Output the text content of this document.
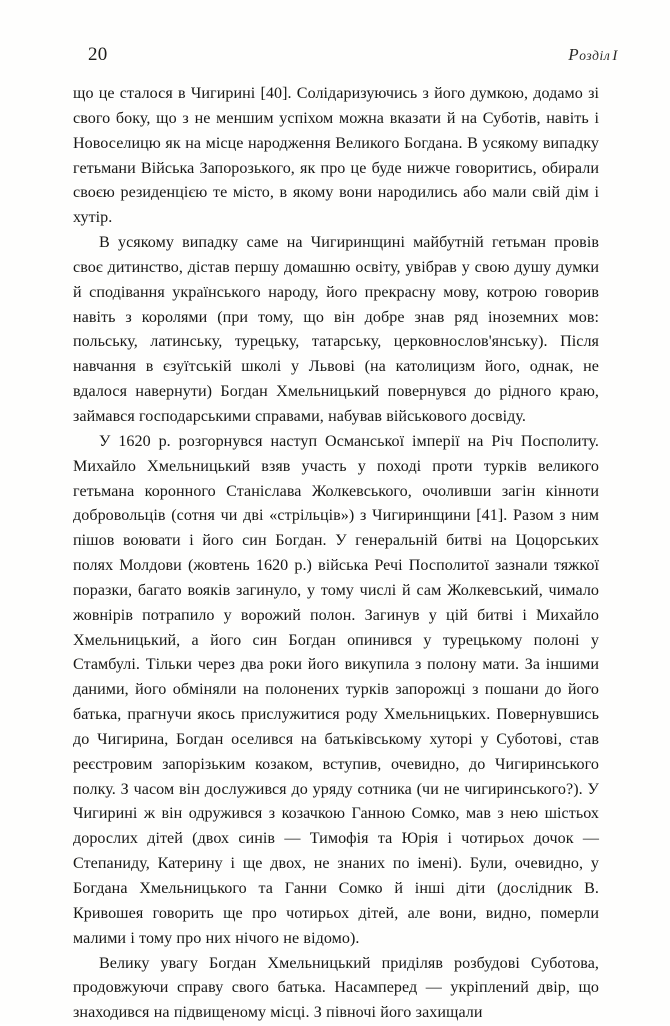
20	Розділ I

що це сталося в Чигирині [40]. Солідаризуючись з його думкою, додамо зі свого боку, що з не меншим успіхом можна вказати й на Суботів, навіть і Новоселицю як на місце народження Великого Богдана. В усякому випадку гетьмани Війська Запорозького, як про це буде нижче говоритись, обирали своєю резиденцією те місто, в якому вони народились або мали свій дім і хутір.

В усякому випадку саме на Чигиринщині майбутній гетьман провів своє дитинство, дістав першу домашню освіту, увібрав у свою душу думки й сподівання українського народу, його прекрасну мову, котрою говорив навіть з королями (при тому, що він добре знав ряд іноземних мов: польську, латинську, турецьку, татарську, церковнослов'янську). Після навчання в єзуїтській школі у Львові (на католицизм його, однак, не вдалося навернути) Богдан Хмельницький повернувся до рідного краю, займався господарськими справами, набував військового досвіду.

У 1620 р. розгорнувся наступ Османської імперії на Річ Посполиту. Михайло Хмельницький взяв участь у поході проти турків великого гетьмана коронного Станіслава Жолкевського, очоливши загін кінноти добровольців (сотня чи дві «стрільців») з Чигиринщини [41]. Разом з ним пішов воювати і його син Богдан. У генеральній битві на Цоцорських полях Молдови (жовтень 1620 р.) війська Речі Посполитої зазнали тяжкої поразки, багато вояків загинуло, у тому числі й сам Жолкевський, чимало жовнірів потрапило у ворожий полон. Загинув у цій битві і Михайло Хмельницький, а його син Богдан опинився у турецькому полоні у Стамбулі. Тільки через два роки його викупила з полону мати. За іншими даними, його обміняли на полонених турків запорожці з пошани до його батька, прагнучи якось прислужитися роду Хмельницьких. Повернувшись до Чигирина, Богдан оселився на батьківському хуторі у Суботові, став реєстровим запорізьким козаком, вступив, очевидно, до Чигиринського полку. З часом він дослужився до уряду сотника (чи не чигиринського?). У Чигирині ж він одружився з козачкою Ганною Сомко, мав з нею шістьох дорослих дітей (двох синів — Тимофія та Юрія і чотирьох дочок — Степаниду, Катерину і ще двох, не знаних по імені). Були, очевидно, у Богдана Хмельницького та Ганни Сомко й інші діти (дослідник В. Кривошея говорить ще про чотирьох дітей, але вони, видно, померли малими і тому про них нічого не відомо).

Велику увагу Богдан Хмельницький приділяв розбудові Суботова, продовжуючи справу свого батька. Насамперед — укріплений двір, що знаходився на підвищеному місці. З півночі його захищали
